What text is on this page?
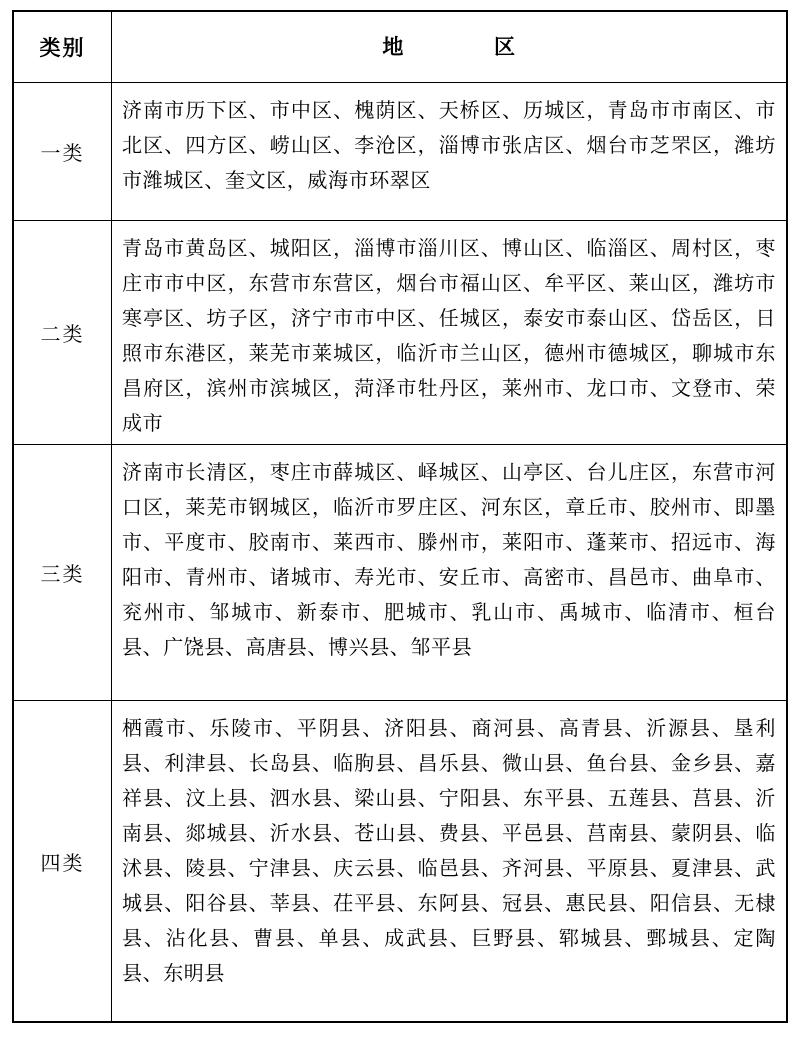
类别	地	区
一类
济南市历下区、市中区、槐荫区、天桥区、历城区，青岛市市南区、市北区、四方区、崂山区、李沧区，淄博市张店区、烟台市芝罘区，潍坊市潍城区、奎文区，威海市环翠区
二类
青岛市黄岛区、城阳区，淄博市淄川区、博山区、临淄区、周村区，枣庄市市中区，东营市东营区，烟台市福山区、牟平区、莱山区，潍坊市寒亭区、坊子区，济宁市市中区、任城区，泰安市泰山区、岱岳区，日照市东港区，莱芜市莱城区，临沂市兰山区，德州市德城区，聊城市东昌府区，滨州市滨城区，菏泽市牡丹区，莱州市、龙口市、文登市、荣成市
三类
济南市长清区，枣庄市薛城区、峄城区、山亭区、台儿庄区，东营市河口区，莱芜市钢城区，临沂市罗庄区、河东区，章丘市、胶州市、即墨市、平度市、胶南市、莱西市、滕州市，莱阳市、蓬莱市、招远市、海阳市、青州市、诸城市、寿光市、安丘市、高密市、昌邑市、曲阜市、兖州市、邹城市、新泰市、肥城市、乳山市、禹城市、临清市、桓台县、广饶县、高唐县、博兴县、邹平县
四类
栖霞市、乐陵市、平阴县、济阳县、商河县、高青县、沂源县、垦利县、利津县、长岛县、临朐县、昌乐县、微山县、鱼台县、金乡县、嘉祥县、汶上县、泗水县、梁山县、宁阳县、东平县、五莲县、莒县、沂南县、郯城县、沂水县、苍山县、费县、平邑县、莒南县、蒙阴县、临沭县、陵县、宁津县、庆云县、临邑县、齐河县、平原县、夏津县、武城县、阳谷县、莘县、茌平县、东阿县、冠县、惠民县、阳信县、无棣县、沾化县、曹县、单县、成武县、巨野县、郓城县、鄄城县、定陶县、东明县
